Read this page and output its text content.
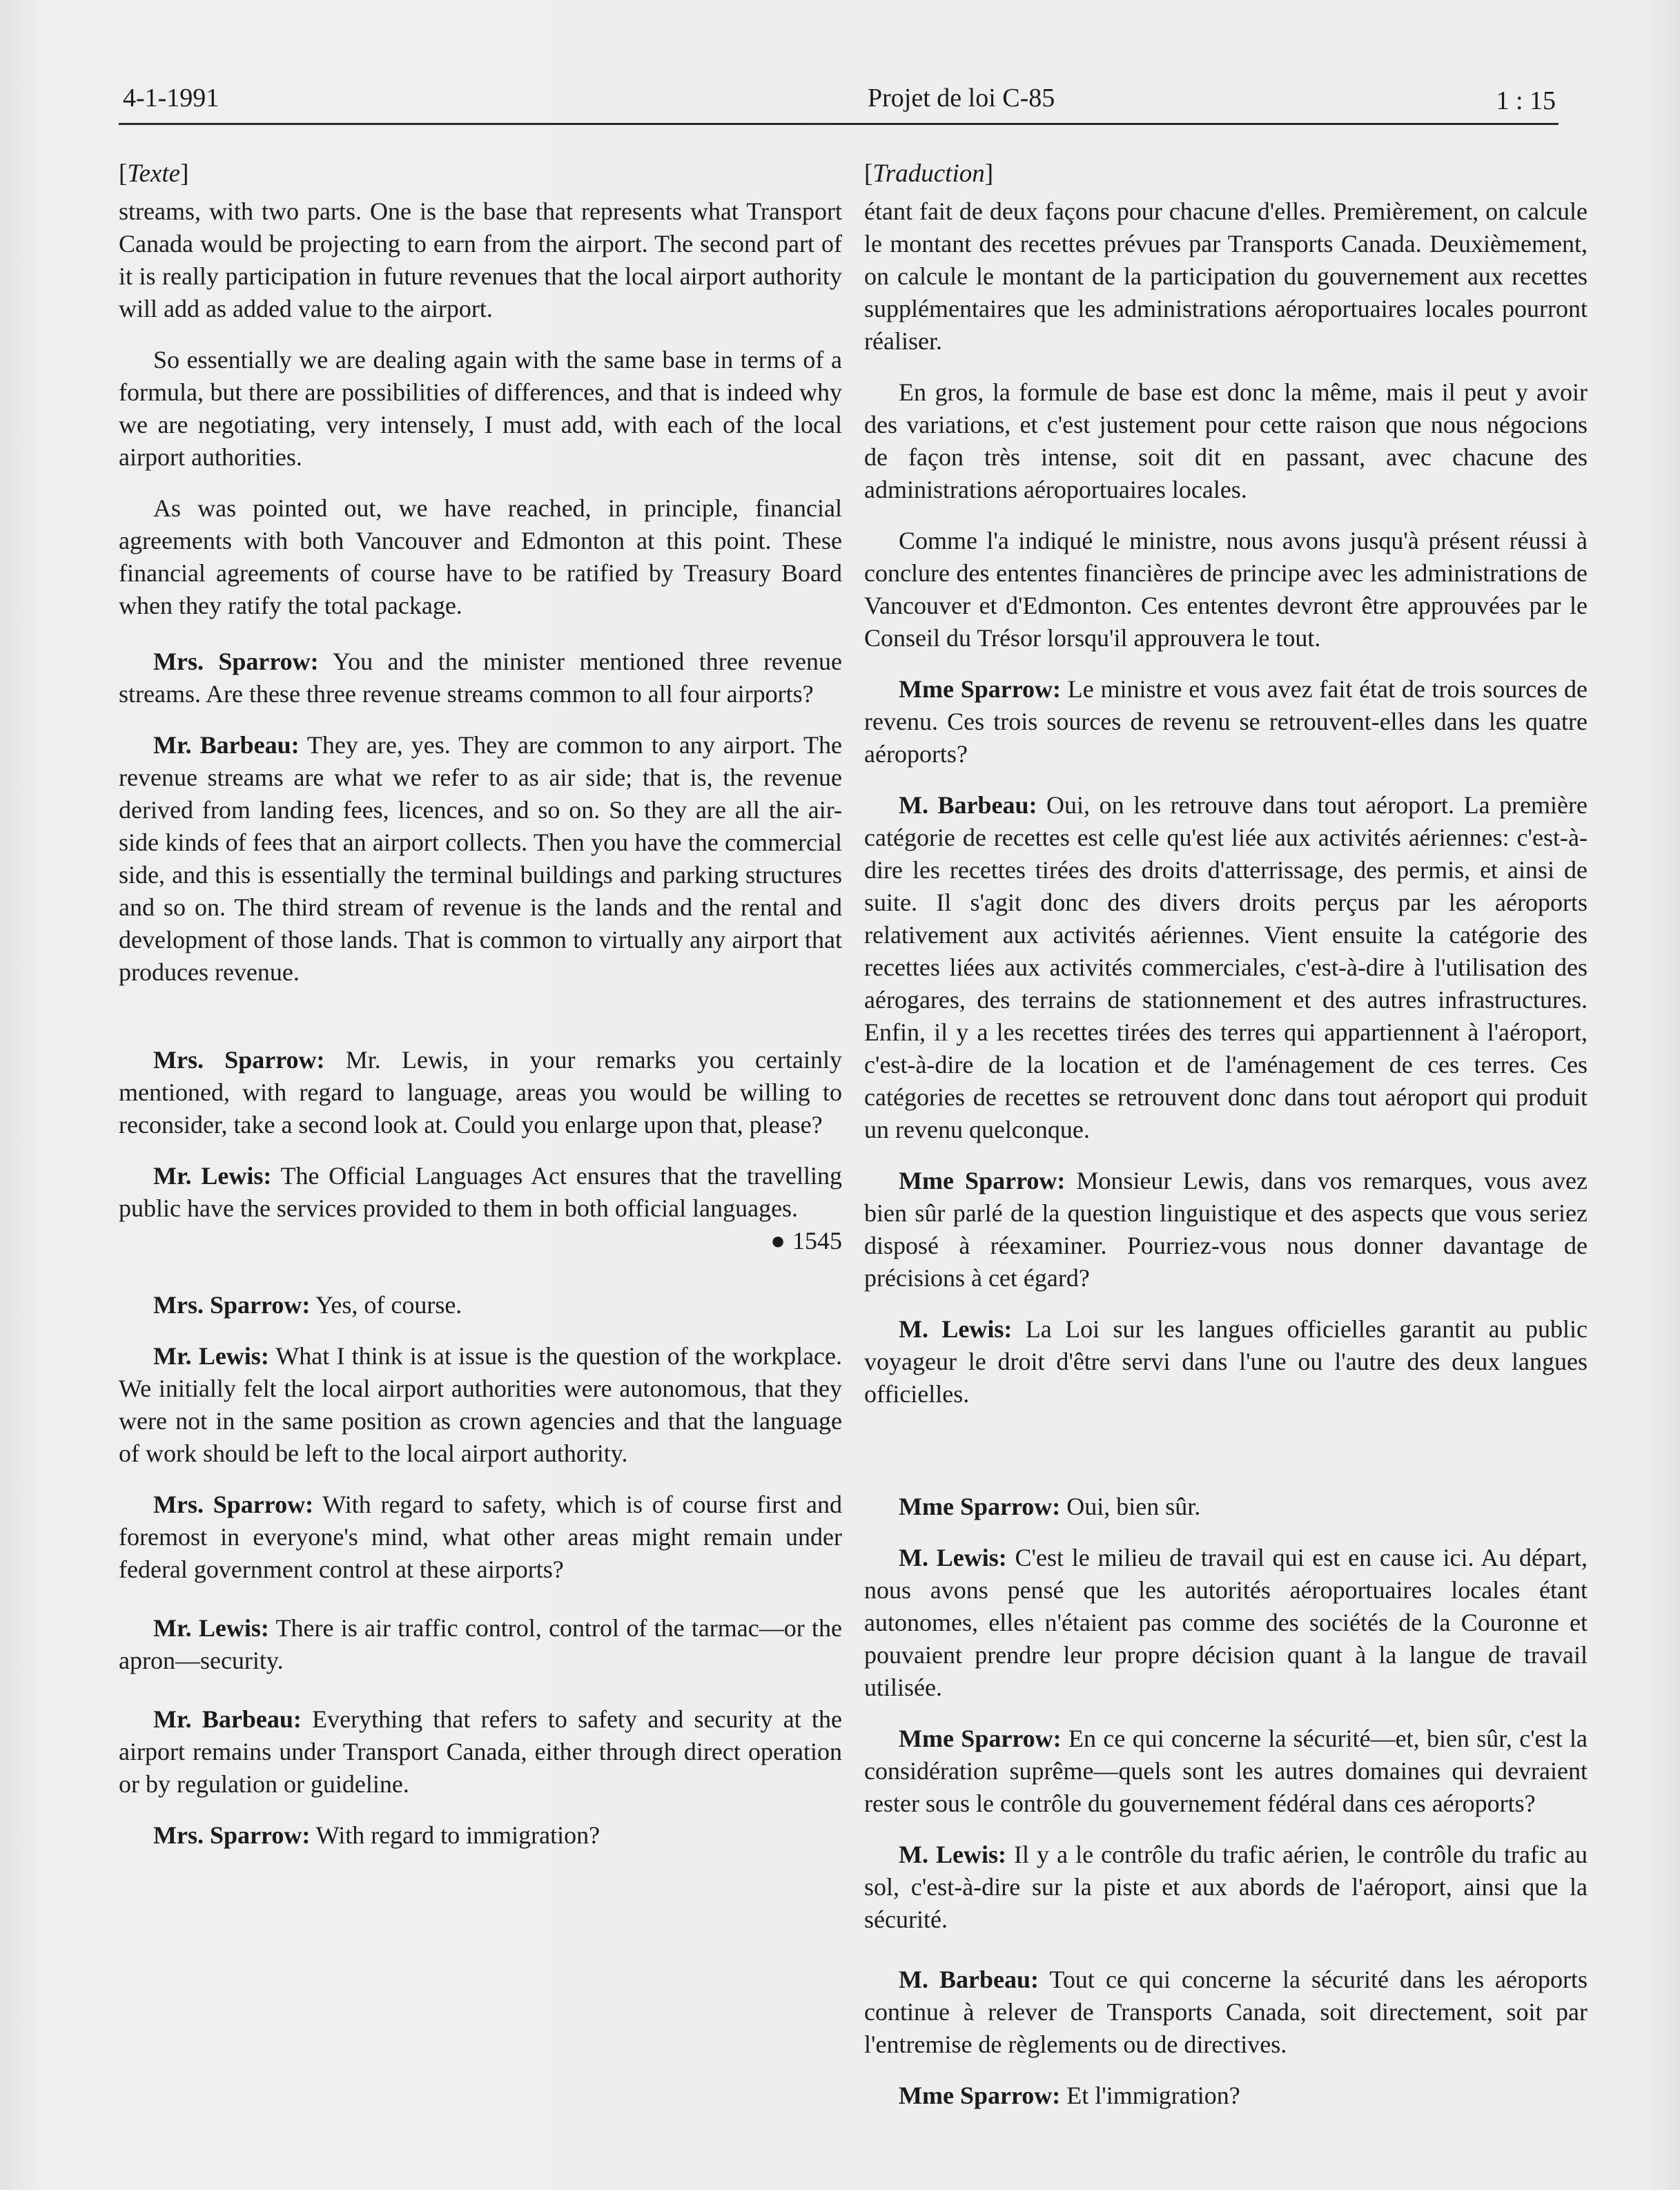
4-1-1991	Projet de loi C-85	1 : 15
[Texte]

streams, with two parts. One is the base that represents what Transport Canada would be projecting to earn from the airport. The second part of it is really participation in future revenues that the local airport authority will add as added value to the airport.

So essentially we are dealing again with the same base in terms of a formula, but there are possibilities of differences, and that is indeed why we are negotiating, very intensely, I must add, with each of the local airport authorities.

As was pointed out, we have reached, in principle, financial agreements with both Vancouver and Edmonton at this point. These financial agreements of course have to be ratified by Treasury Board when they ratify the total package.

Mrs. Sparrow: You and the minister mentioned three revenue streams. Are these three revenue streams common to all four airports?

Mr. Barbeau: They are, yes. They are common to any airport. The revenue streams are what we refer to as air side; that is, the revenue derived from landing fees, licences, and so on. So they are all the air-side kinds of fees that an airport collects. Then you have the commercial side, and this is essentially the terminal buildings and parking structures and so on. The third stream of revenue is the lands and the rental and development of those lands. That is common to virtually any airport that produces revenue.

Mrs. Sparrow: Mr. Lewis, in your remarks you certainly mentioned, with regard to language, areas you would be willing to reconsider, take a second look at. Could you enlarge upon that, please?

Mr. Lewis: The Official Languages Act ensures that the travelling public have the services provided to them in both official languages.

● 1545

Mrs. Sparrow: Yes, of course.

Mr. Lewis: What I think is at issue is the question of the workplace. We initially felt the local airport authorities were autonomous, that they were not in the same position as crown agencies and that the language of work should be left to the local airport authority.

Mrs. Sparrow: With regard to safety, which is of course first and foremost in everyone's mind, what other areas might remain under federal government control at these airports?

Mr. Lewis: There is air traffic control, control of the tarmac—or the apron—security.

Mr. Barbeau: Everything that refers to safety and security at the airport remains under Transport Canada, either through direct operation or by regulation or guideline.

Mrs. Sparrow: With regard to immigration?

[Traduction]

étant fait de deux façons pour chacune d'elles. Premièrement, on calcule le montant des recettes prévues par Transports Canada. Deuxièmement, on calcule le montant de la participation du gouvernement aux recettes supplémentaires que les administrations aéroportuaires locales pourront réaliser.

En gros, la formule de base est donc la même, mais il peut y avoir des variations, et c'est justement pour cette raison que nous négocions de façon très intense, soit dit en passant, avec chacune des administrations aéroportuaires locales.

Comme l'a indiqué le ministre, nous avons jusqu'à présent réussi à conclure des ententes financières de principe avec les administrations de Vancouver et d'Edmonton. Ces ententes devront être approuvées par le Conseil du Trésor lorsqu'il approuvera le tout.

Mme Sparrow: Le ministre et vous avez fait état de trois sources de revenu. Ces trois sources de revenu se retrouvent-elles dans les quatre aéroports?

M. Barbeau: Oui, on les retrouve dans tout aéroport. La première catégorie de recettes est celle qu'est liée aux activités aériennes: c'est-à-dire les recettes tirées des droits d'atterrissage, des permis, et ainsi de suite. Il s'agit donc des divers droits perçus par les aéroports relativement aux activités aériennes. Vient ensuite la catégorie des recettes liées aux activités commerciales, c'est-à-dire à l'utilisation des aérogares, des terrains de stationnement et des autres infrastructures. Enfin, il y a les recettes tirées des terres qui appartiennent à l'aéroport, c'est-à-dire de la location et de l'aménagement de ces terres. Ces catégories de recettes se retrouvent donc dans tout aéroport qui produit un revenu quelconque.

Mme Sparrow: Monsieur Lewis, dans vos remarques, vous avez bien sûr parlé de la question linguistique et des aspects que vous seriez disposé à réexaminer. Pourriez-vous nous donner davantage de précisions à cet égard?

M. Lewis: La Loi sur les langues officielles garantit au public voyageur le droit d'être servi dans l'une ou l'autre des deux langues officielles.

Mme Sparrow: Oui, bien sûr.

M. Lewis: C'est le milieu de travail qui est en cause ici. Au départ, nous avons pensé que les autorités aéroportuaires locales étant autonomes, elles n'étaient pas comme des sociétés de la Couronne et pouvaient prendre leur propre décision quant à la langue de travail utilisée.

Mme Sparrow: En ce qui concerne la sécurité—et, bien sûr, c'est la considération suprême—quels sont les autres domaines qui devraient rester sous le contrôle du gouvernement fédéral dans ces aéroports?

M. Lewis: Il y a le contrôle du trafic aérien, le contrôle du trafic au sol, c'est-à-dire sur la piste et aux abords de l'aéroport, ainsi que la sécurité.

M. Barbeau: Tout ce qui concerne la sécurité dans les aéroports continue à relever de Transports Canada, soit directement, soit par l'entremise de règlements ou de directives.

Mme Sparrow: Et l'immigration?
